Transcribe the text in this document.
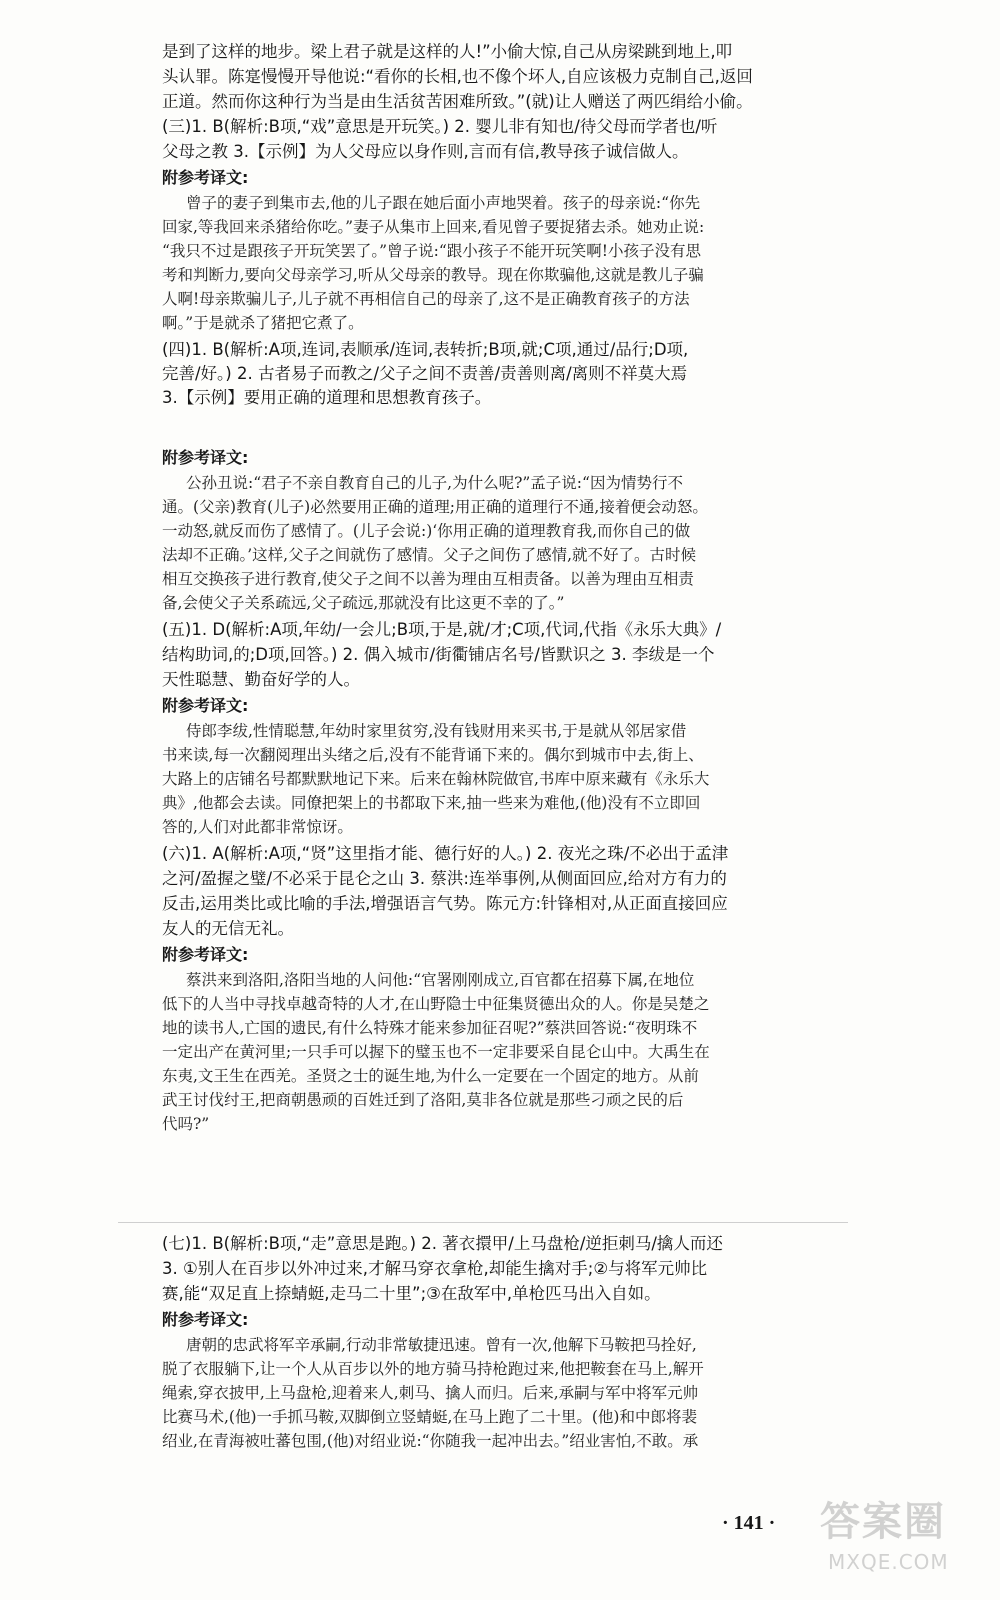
是到了这样的地步。梁上君子就是这样的人!”小偷大惊,自己从房梁跳到地上,叩
头认罪。陈寔慢慢开导他说:“看你的长相,也不像个坏人,自应该极力克制自己,返回
正道。然而你这种行为当是由生活贫苦困难所致。”(就)让人赠送了两匹绢给小偷。
(三)1. B(解析:B项,“戏”意思是开玩笑。) 2. 婴儿非有知也/待父母而学者也/听
父母之教 3.【示例】为人父母应以身作则,言而有信,教导孩子诚信做人。
附参考译文:
曾子的妻子到集市去,他的儿子跟在她后面小声地哭着。孩子的母亲说:“你先
回家,等我回来杀猪给你吃。”妻子从集市上回来,看见曾子要捉猪去杀。她劝止说:
“我只不过是跟孩子开玩笑罢了。”曾子说:“跟小孩子不能开玩笑啊!小孩子没有思
考和判断力,要向父母亲学习,听从父母亲的教导。现在你欺骗他,这就是教儿子骗
人啊!母亲欺骗儿子,儿子就不再相信自己的母亲了,这不是正确教育孩子的方法
啊。”于是就杀了猪把它煮了。
(四)1. B(解析:A项,连词,表顺承/连词,表转折;B项,就;C项,通过/品行;D项,
完善/好。) 2. 古者易子而教之/父子之间不责善/责善则离/离则不祥莫大焉
3.【示例】要用正确的道理和思想教育孩子。
附参考译文:
公孙丑说:“君子不亲自教育自己的儿子,为什么呢?”孟子说:“因为情势行不
通。(父亲)教育(儿子)必然要用正确的道理;用正确的道理行不通,接着便会动怒。
一动怒,就反而伤了感情了。(儿子会说:)‘你用正确的道理教育我,而你自己的做
法却不正确。’这样,父子之间就伤了感情。父子之间伤了感情,就不好了。古时候
相互交换孩子进行教育,使父子之间不以善为理由互相责备。以善为理由互相责
备,会使父子关系疏远,父子疏远,那就没有比这更不幸的了。”
(五)1. D(解析:A项,年幼/一会儿;B项,于是,就/才;C项,代词,代指《永乐大典》/
结构助词,的;D项,回答。) 2. 偶入城市/街衢铺店名号/皆默识之 3. 李绂是一个
天性聪慧、勤奋好学的人。
附参考译文:
侍郎李绂,性情聪慧,年幼时家里贫穷,没有钱财用来买书,于是就从邻居家借
书来读,每一次翻阅理出头绪之后,没有不能背诵下来的。偶尔到城市中去,街上、
大路上的店铺名号都默默地记下来。后来在翰林院做官,书库中原来藏有《永乐大
典》,他都会去读。同僚把架上的书都取下来,抽一些来为难他,(他)没有不立即回
答的,人们对此都非常惊讶。
(六)1. A(解析:A项,“贤”这里指才能、德行好的人。) 2. 夜光之珠/不必出于孟津
之河/盈握之璧/不必采于昆仑之山 3. 蔡洪:连举事例,从侧面回应,给对方有力的
反击,运用类比或比喻的手法,增强语言气势。陈元方:针锋相对,从正面直接回应
友人的无信无礼。
附参考译文:
蔡洪来到洛阳,洛阳当地的人问他:“官署刚刚成立,百官都在招募下属,在地位
低下的人当中寻找卓越奇特的人才,在山野隐士中征集贤德出众的人。你是吴楚之
地的读书人,亡国的遗民,有什么特殊才能来参加征召呢?”蔡洪回答说:“夜明珠不
一定出产在黄河里;一只手可以握下的璧玉也不一定非要采自昆仑山中。大禹生在
东夷,文王生在西羌。圣贤之士的诞生地,为什么一定要在一个固定的地方。从前
武王讨伐纣王,把商朝愚顽的百姓迁到了洛阳,莫非各位就是那些刁顽之民的后
代吗?”
(七)1. B(解析:B项,“走”意思是跑。) 2. 著衣擐甲/上马盘枪/逆拒刺马/擒人而还
3. ①别人在百步以外冲过来,才解马穿衣拿枪,却能生擒对手;②与将军元帅比
赛,能“双足直上捺蜻蜓,走马二十里”;③在敌军中,单枪匹马出入自如。
附参考译文:
唐朝的忠武将军辛承嗣,行动非常敏捷迅速。曾有一次,他解下马鞍把马拴好,
脱了衣服躺下,让一个人从百步以外的地方骑马持枪跑过来,他把鞍套在马上,解开
绳索,穿衣披甲,上马盘枪,迎着来人,刺马、擒人而归。后来,承嗣与军中将军元帅
比赛马术,(他)一手抓马鞍,双脚倒立竖蜻蜓,在马上跑了二十里。(他)和中郎将裴
绍业,在青海被吐蕃包围,(他)对绍业说:“你随我一起冲出去。”绍业害怕,不敢。承
· 141 · 答案圈
MXQE.COM
